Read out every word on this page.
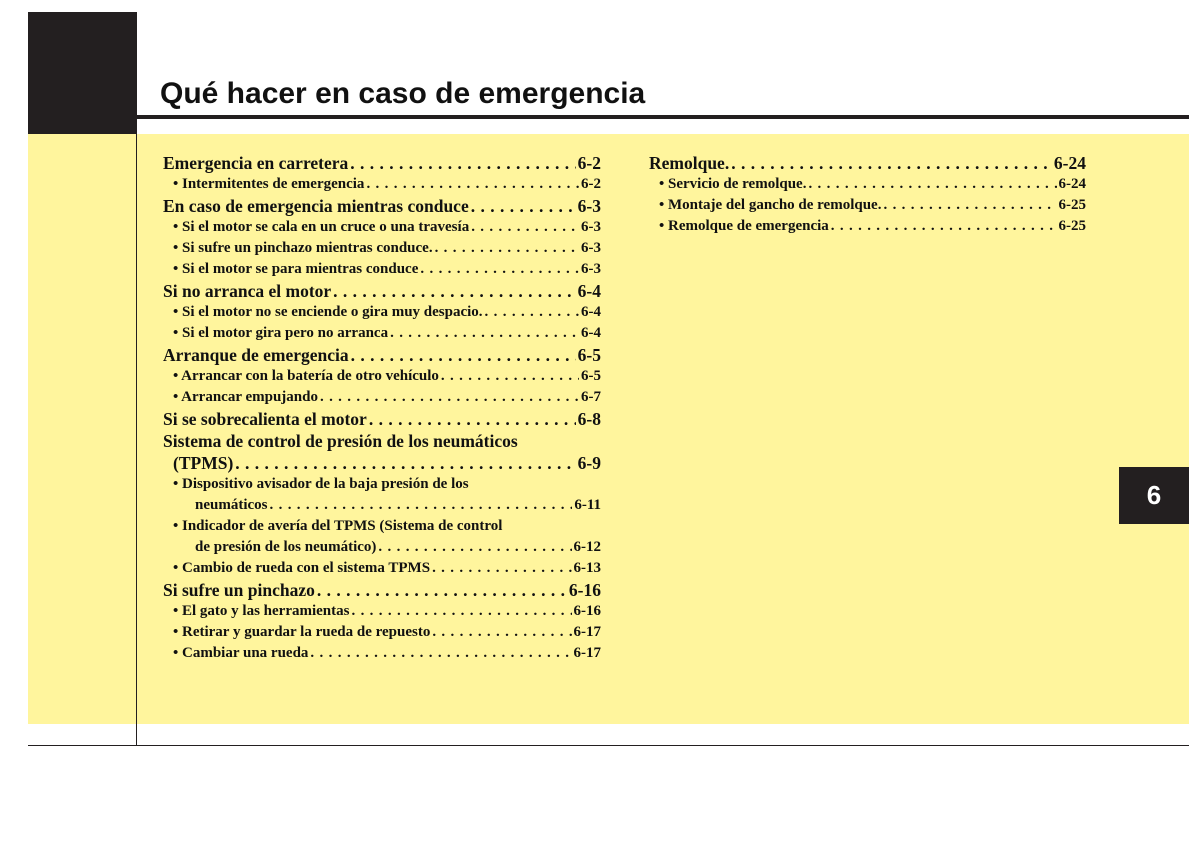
Qué hacer en caso de emergencia
6
Emergencia en carretera . . .	6-2
• Intermitentes de emergencia . . .	6-2
En caso de emergencia mientras conduce . . .	6-3
• Si el motor se cala en un cruce o una travesía . . .	6-3
• Si sufre un pinchazo mientras conduce. . . .	6-3
• Si el motor se para mientras conduce . . .	6-3
Si no arranca el motor . . .	6-4
• Si el motor no se enciende o gira muy despacio. . . .	6-4
• Si el motor gira pero no arranca . . .	6-4
Arranque de emergencia . . .	6-5
• Arrancar con la batería de otro vehículo . . .	6-5
• Arrancar empujando . . .	6-7
Si se sobrecalienta el motor . . .	6-8
Sistema de control de presión de los neumáticos
(TPMS) . . .	6-9
• Dispositivo avisador de la baja presión de los
neumáticos . . .	6-11
• Indicador de avería del TPMS (Sistema de control
de presión de los neumático) . . .	6-12
• Cambio de rueda con el sistema TPMS . . .	6-13
Si sufre un pinchazo . . .	6-16
• El gato y las herramientas . . .	6-16
• Retirar y guardar la rueda de repuesto . . .	6-17
• Cambiar una rueda . . .	6-17
Remolque. . . .	6-24
• Servicio de remolque. . . .	6-24
• Montaje del gancho de remolque. . . .	6-25
• Remolque de emergencia . . .	6-25
